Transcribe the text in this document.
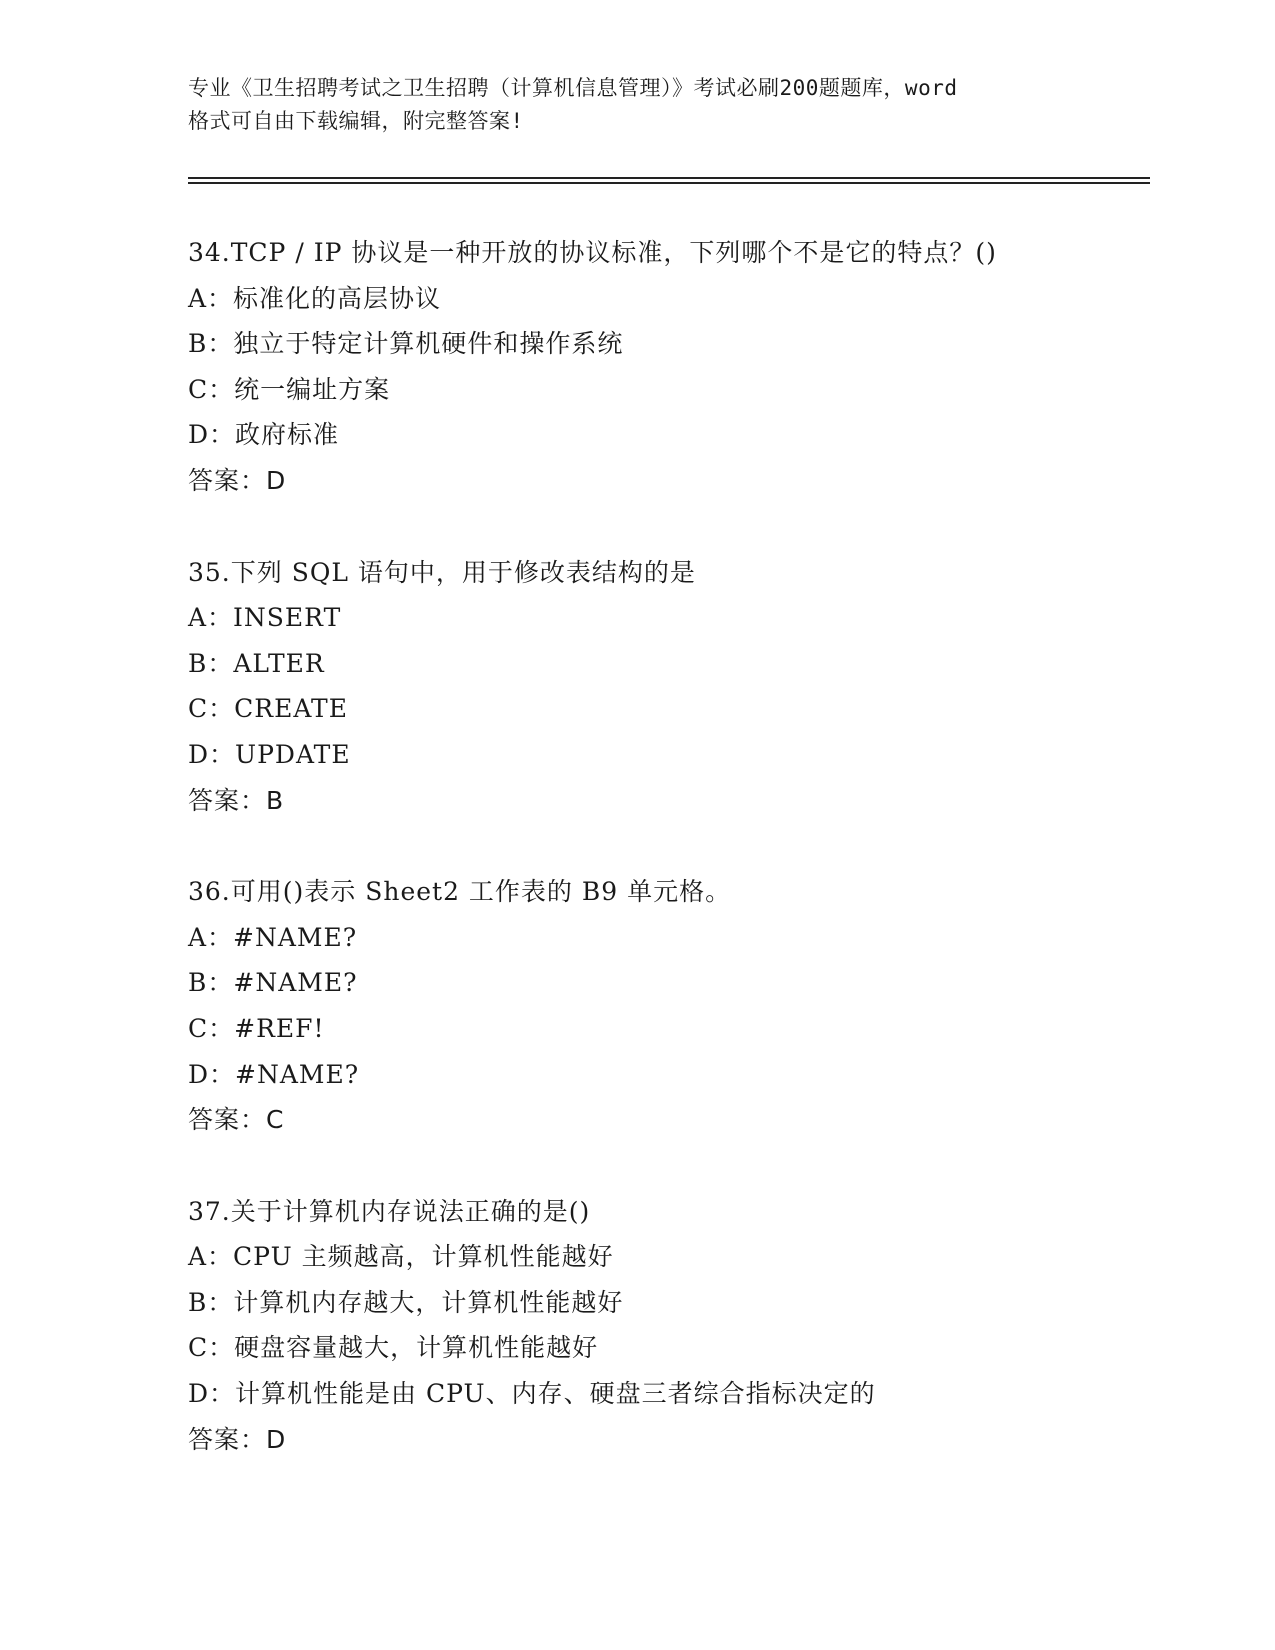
专业《卫生招聘考试之卫生招聘（计算机信息管理）》考试必刷200题题库，word
格式可自由下载编辑，附完整答案!
34.TCP / IP 协议是一种开放的协议标准，下列哪个不是它的特点？()
A：标准化的高层协议
B：独立于特定计算机硬件和操作系统
C：统一编址方案
D：政府标准
答案：D
35.下列 SQL 语句中，用于修改表结构的是
A：INSERT
B：ALTER
C：CREATE
D：UPDATE
答案：B
36.可用()表示 Sheet2 工作表的 B9 单元格。
A：#NAME?
B：#NAME?
C：#REF!
D：#NAME?
答案：C
37.关于计算机内存说法正确的是()
A：CPU 主频越高，计算机性能越好
B：计算机内存越大，计算机性能越好
C：硬盘容量越大，计算机性能越好
D：计算机性能是由 CPU、内存、硬盘三者综合指标决定的
答案：D
